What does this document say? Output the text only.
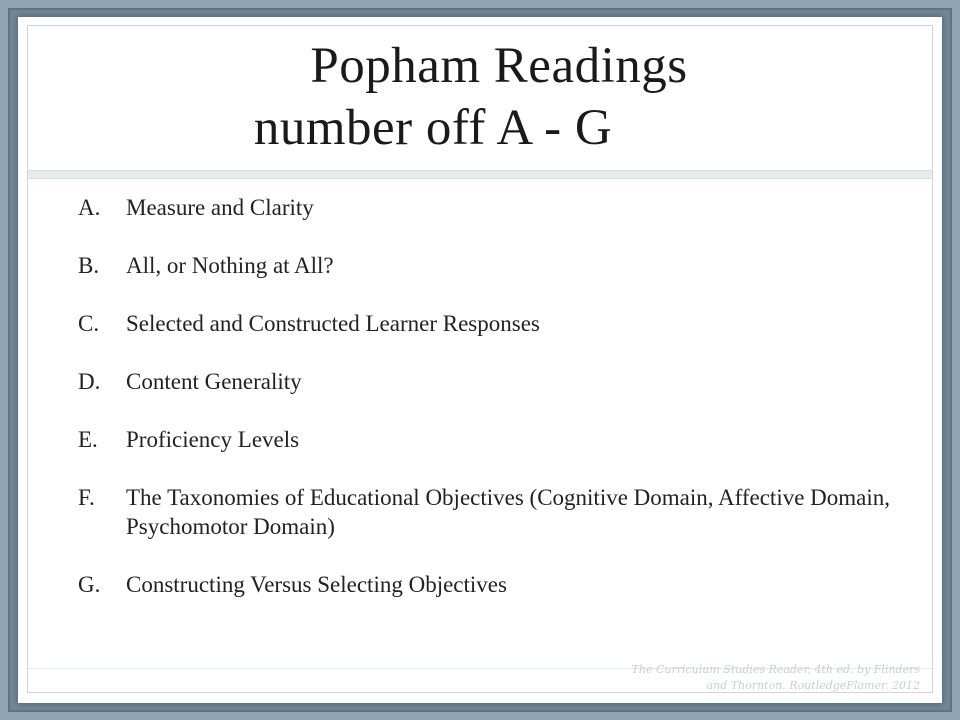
Popham Readings
number off A - G
A.	Measure and Clarity
B.	All, or Nothing at All?
C.	Selected and Constructed Learner Responses
D.	Content Generality
E.	Proficiency Levels
F.	The Taxonomies of Educational Objectives (Cognitive Domain, Affective Domain, Psychomotor Domain)
G.	Constructing Versus Selecting Objectives
The Curriculum Studies Reader, 4th ed. by Flinders
and Thornton. RoutledgeFlamer. 2012
